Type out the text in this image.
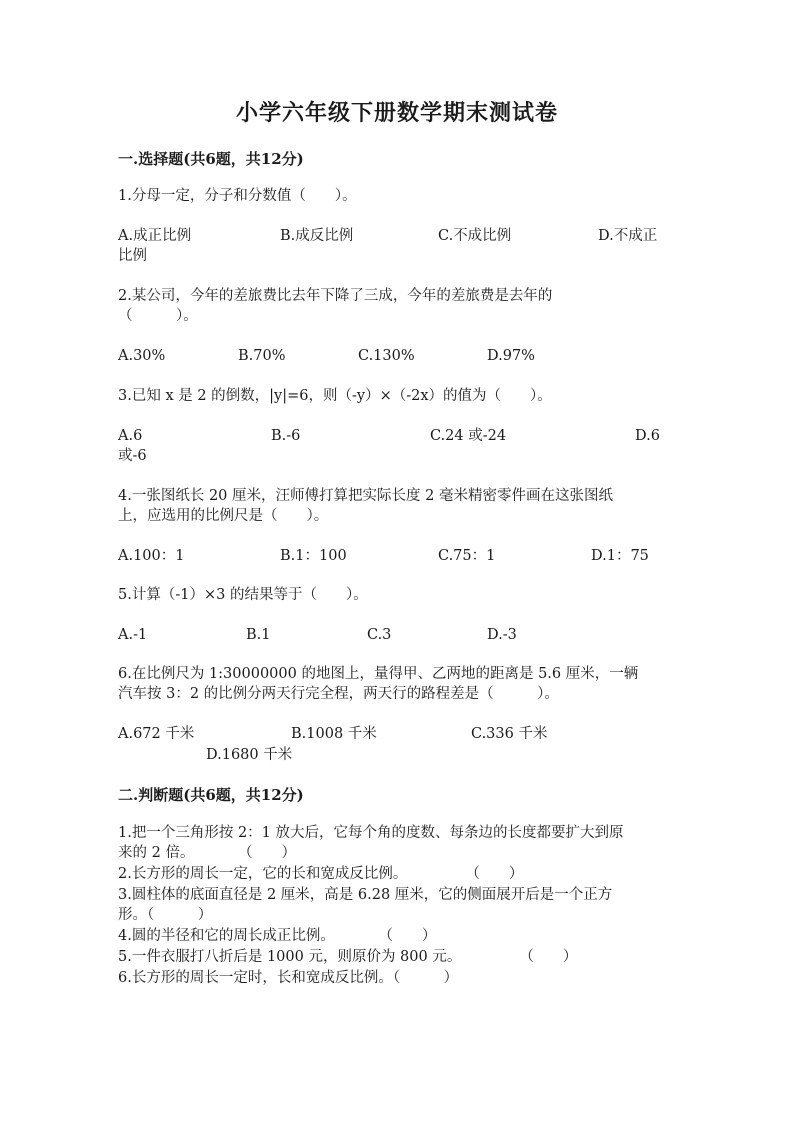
小学六年级下册数学期末测试卷
一.选择题(共6题，共12分)
1.分母一定，分子和分数值（　　）。
A.成正比例	B.成反比例	C.不成比例	D.不成正
比例
2.某公司，今年的差旅费比去年下降了三成，今年的差旅费是去年的
（　　　）。
A.30%	B.70%	C.130%	D.97%
3.已知 x 是 2 的倒数，|y|=6，则（-y）×（-2x）的值为（　　）。
A.6	B.-6	C.24 或-24	D.6
或-6
4.一张图纸长 20 厘米，汪师傅打算把实际长度 2 毫米精密零件画在这张图纸
上，应选用的比例尺是（　　）。
A.100：1	B.1：100	C.75：1	D.1：75
5.计算（-1）×3 的结果等于（　　）。
A.-1	B.1	C.3	D.-3
6.在比例尺为 1:30000000 的地图上，量得甲、乙两地的距离是 5.6 厘米，一辆
汽车按 3：2 的比例分两天行完全程，两天行的路程差是（　　　）。
A.672 千米	B.1008 千米	C.336 千米
D.1680 千米
二.判断题(共6题，共12分)
1.把一个三角形按 2：1 放大后，它每个角的度数、每条边的长度都要扩大到原
来的 2 倍。　　　　（　　）
2.长方形的周长一定，它的长和宽成反比例。　　　　　（　　）
3.圆柱体的底面直径是 2 厘米，高是 6.28 厘米，它的侧面展开后是一个正方
形。（　　　）
4.圆的半径和它的周长成正比例。　　　　（　　）
5.一件衣服打八折后是 1000 元，则原价为 800 元。　　　　　（　　）
6.长方形的周长一定时，长和宽成反比例。（　　　）
